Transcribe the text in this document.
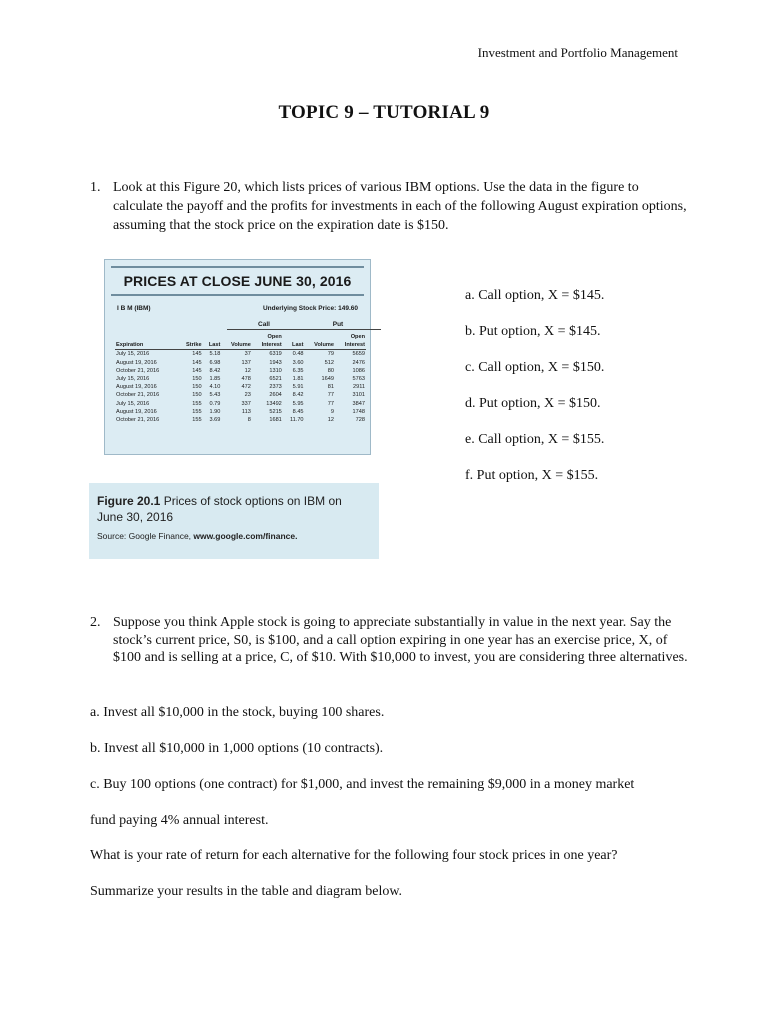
Investment and Portfolio Management
TOPIC 9 – TUTORIAL 9
1. Look at this Figure 20, which lists prices of various IBM options. Use the data in the figure to calculate the payoff and the profits for investments in each of the following August expiration options, assuming that the stock price on the expiration date is $150.
PRICES AT CLOSE JUNE 30, 2016
I B M (IBM)	Underlying Stock Price: 149.60
Call	Put
				Open			Open
Expiration	Strike	Last	Volume	Interest	Last	Volume	Interest
July 15, 2016	145	5.18	37	6319	0.48	79	5659
August 19, 2016	145	6.98	137	1943	3.60	512	2476
October 21, 2016	145	8.42	12	1310	6.35	80	1086
July 15, 2016	150	1.85	478	6521	1.81	1649	5763
August 19, 2016	150	4.10	472	2373	5.91	81	2911
October 21, 2016	150	5.43	23	2604	8.42	77	3101
July 15, 2016	155	0.79	337	13492	5.95	77	3847
August 19, 2016	155	1.90	113	5215	8.45	9	1748
October 21, 2016	155	3.69	8	1681	11.70	12	728
Figure 20.1 Prices of stock options on IBM on June 30, 2016
Source: Google Finance, www.google.com/finance.
a. Call option, X = $145.
b. Put option, X = $145.
c. Call option, X = $150.
d. Put option, X = $150.
e. Call option, X = $155.
f. Put option, X = $155.
2. Suppose you think Apple stock is going to appreciate substantially in value in the next year. Say the stock’s current price, S0, is $100, and a call option expiring in one year has an exercise price, X, of $100 and is selling at a price, C, of $10. With $10,000 to invest, you are considering three alternatives.
a. Invest all $10,000 in the stock, buying 100 shares.
b. Invest all $10,000 in 1,000 options (10 contracts).
c. Buy 100 options (one contract) for $1,000, and invest the remaining $9,000 in a money market
fund paying 4% annual interest.
What is your rate of return for each alternative for the following four stock prices in one year?
Summarize your results in the table and diagram below.
